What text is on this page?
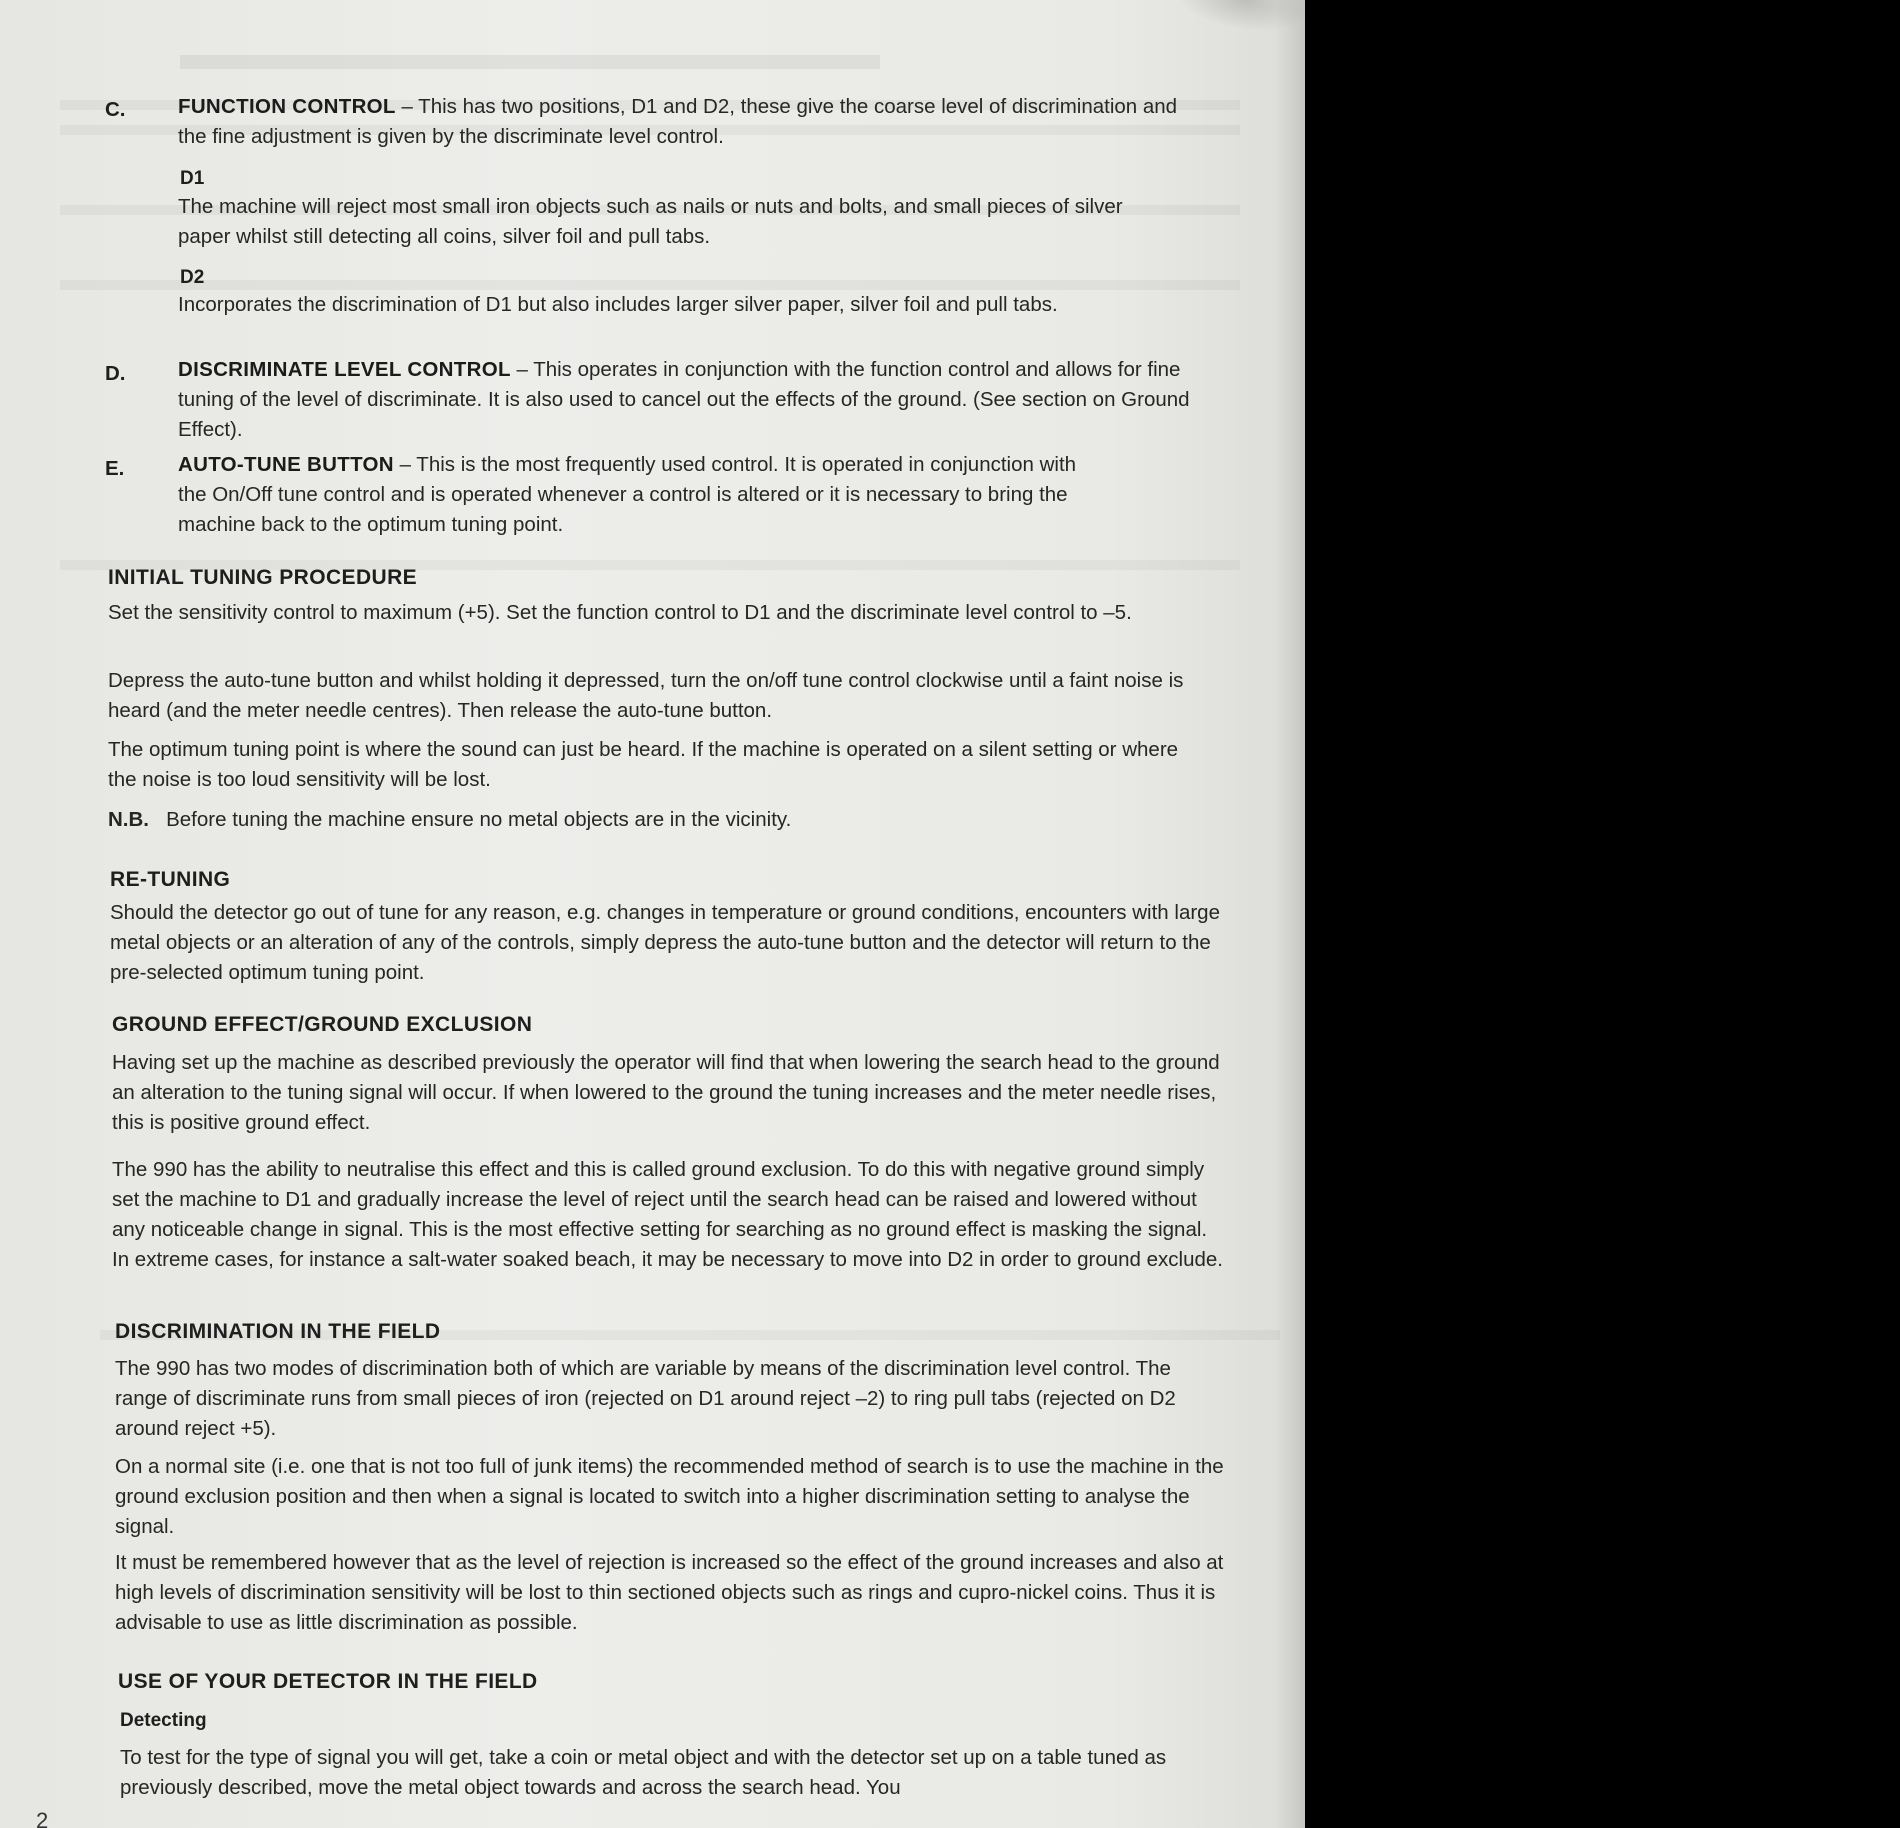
C.	FUNCTION CONTROL – This has two positions, D1 and D2, these give the coarse level of discrimination and the fine adjustment is given by the discriminate level control.
D1
The machine will reject most small iron objects such as nails or nuts and bolts, and small pieces of silver paper whilst still detecting all coins, silver foil and pull tabs.
D2
Incorporates the discrimination of D1 but also includes larger silver paper, silver foil and pull tabs.
D.	DISCRIMINATE LEVEL CONTROL – This operates in conjunction with the function control and allows for fine tuning of the level of discriminate. It is also used to cancel out the effects of the ground. (See section on Ground Effect).
E.	AUTO-TUNE BUTTON – This is the most frequently used control. It is operated in conjunction with the On/Off tune control and is operated whenever a control is altered or it is necessary to bring the machine back to the optimum tuning point.
INITIAL TUNING PROCEDURE
Set the sensitivity control to maximum (+5). Set the function control to D1 and the discriminate level control to –5.
Depress the auto-tune button and whilst holding it depressed, turn the on/off tune control clockwise until a faint noise is heard (and the meter needle centres). Then release the auto-tune button.
The optimum tuning point is where the sound can just be heard. If the machine is operated on a silent setting or where the noise is too loud sensitivity will be lost.
N.B. Before tuning the machine ensure no metal objects are in the vicinity.
RE-TUNING
Should the detector go out of tune for any reason, e.g. changes in temperature or ground conditions, encounters with large metal objects or an alteration of any of the controls, simply depress the auto-tune button and the detector will return to the pre-selected optimum tuning point.
GROUND EFFECT/GROUND EXCLUSION
Having set up the machine as described previously the operator will find that when lowering the search head to the ground an alteration to the tuning signal will occur. If when lowered to the ground the tuning increases and the meter needle rises, this is positive ground effect.
The 990 has the ability to neutralise this effect and this is called ground exclusion. To do this with negative ground simply set the machine to D1 and gradually increase the level of reject until the search head can be raised and lowered without any noticeable change in signal. This is the most effective setting for searching as no ground effect is masking the signal. In extreme cases, for instance a salt-water soaked beach, it may be necessary to move into D2 in order to ground exclude.
DISCRIMINATION IN THE FIELD
The 990 has two modes of discrimination both of which are variable by means of the discrimination level control. The range of discriminate runs from small pieces of iron (rejected on D1 around reject –2) to ring pull tabs (rejected on D2 around reject +5).
On a normal site (i.e. one that is not too full of junk items) the recommended method of search is to use the machine in the ground exclusion position and then when a signal is located to switch into a higher discrimination setting to analyse the signal.
It must be remembered however that as the level of rejection is increased so the effect of the ground increases and also at high levels of discrimination sensitivity will be lost to thin sectioned objects such as rings and cupro-nickel coins. Thus it is advisable to use as little discrimination as possible.
USE OF YOUR DETECTOR IN THE FIELD
Detecting
To test for the type of signal you will get, take a coin or metal object and with the detector set up on a table tuned as previously described, move the metal object towards and across the search head. You
2
